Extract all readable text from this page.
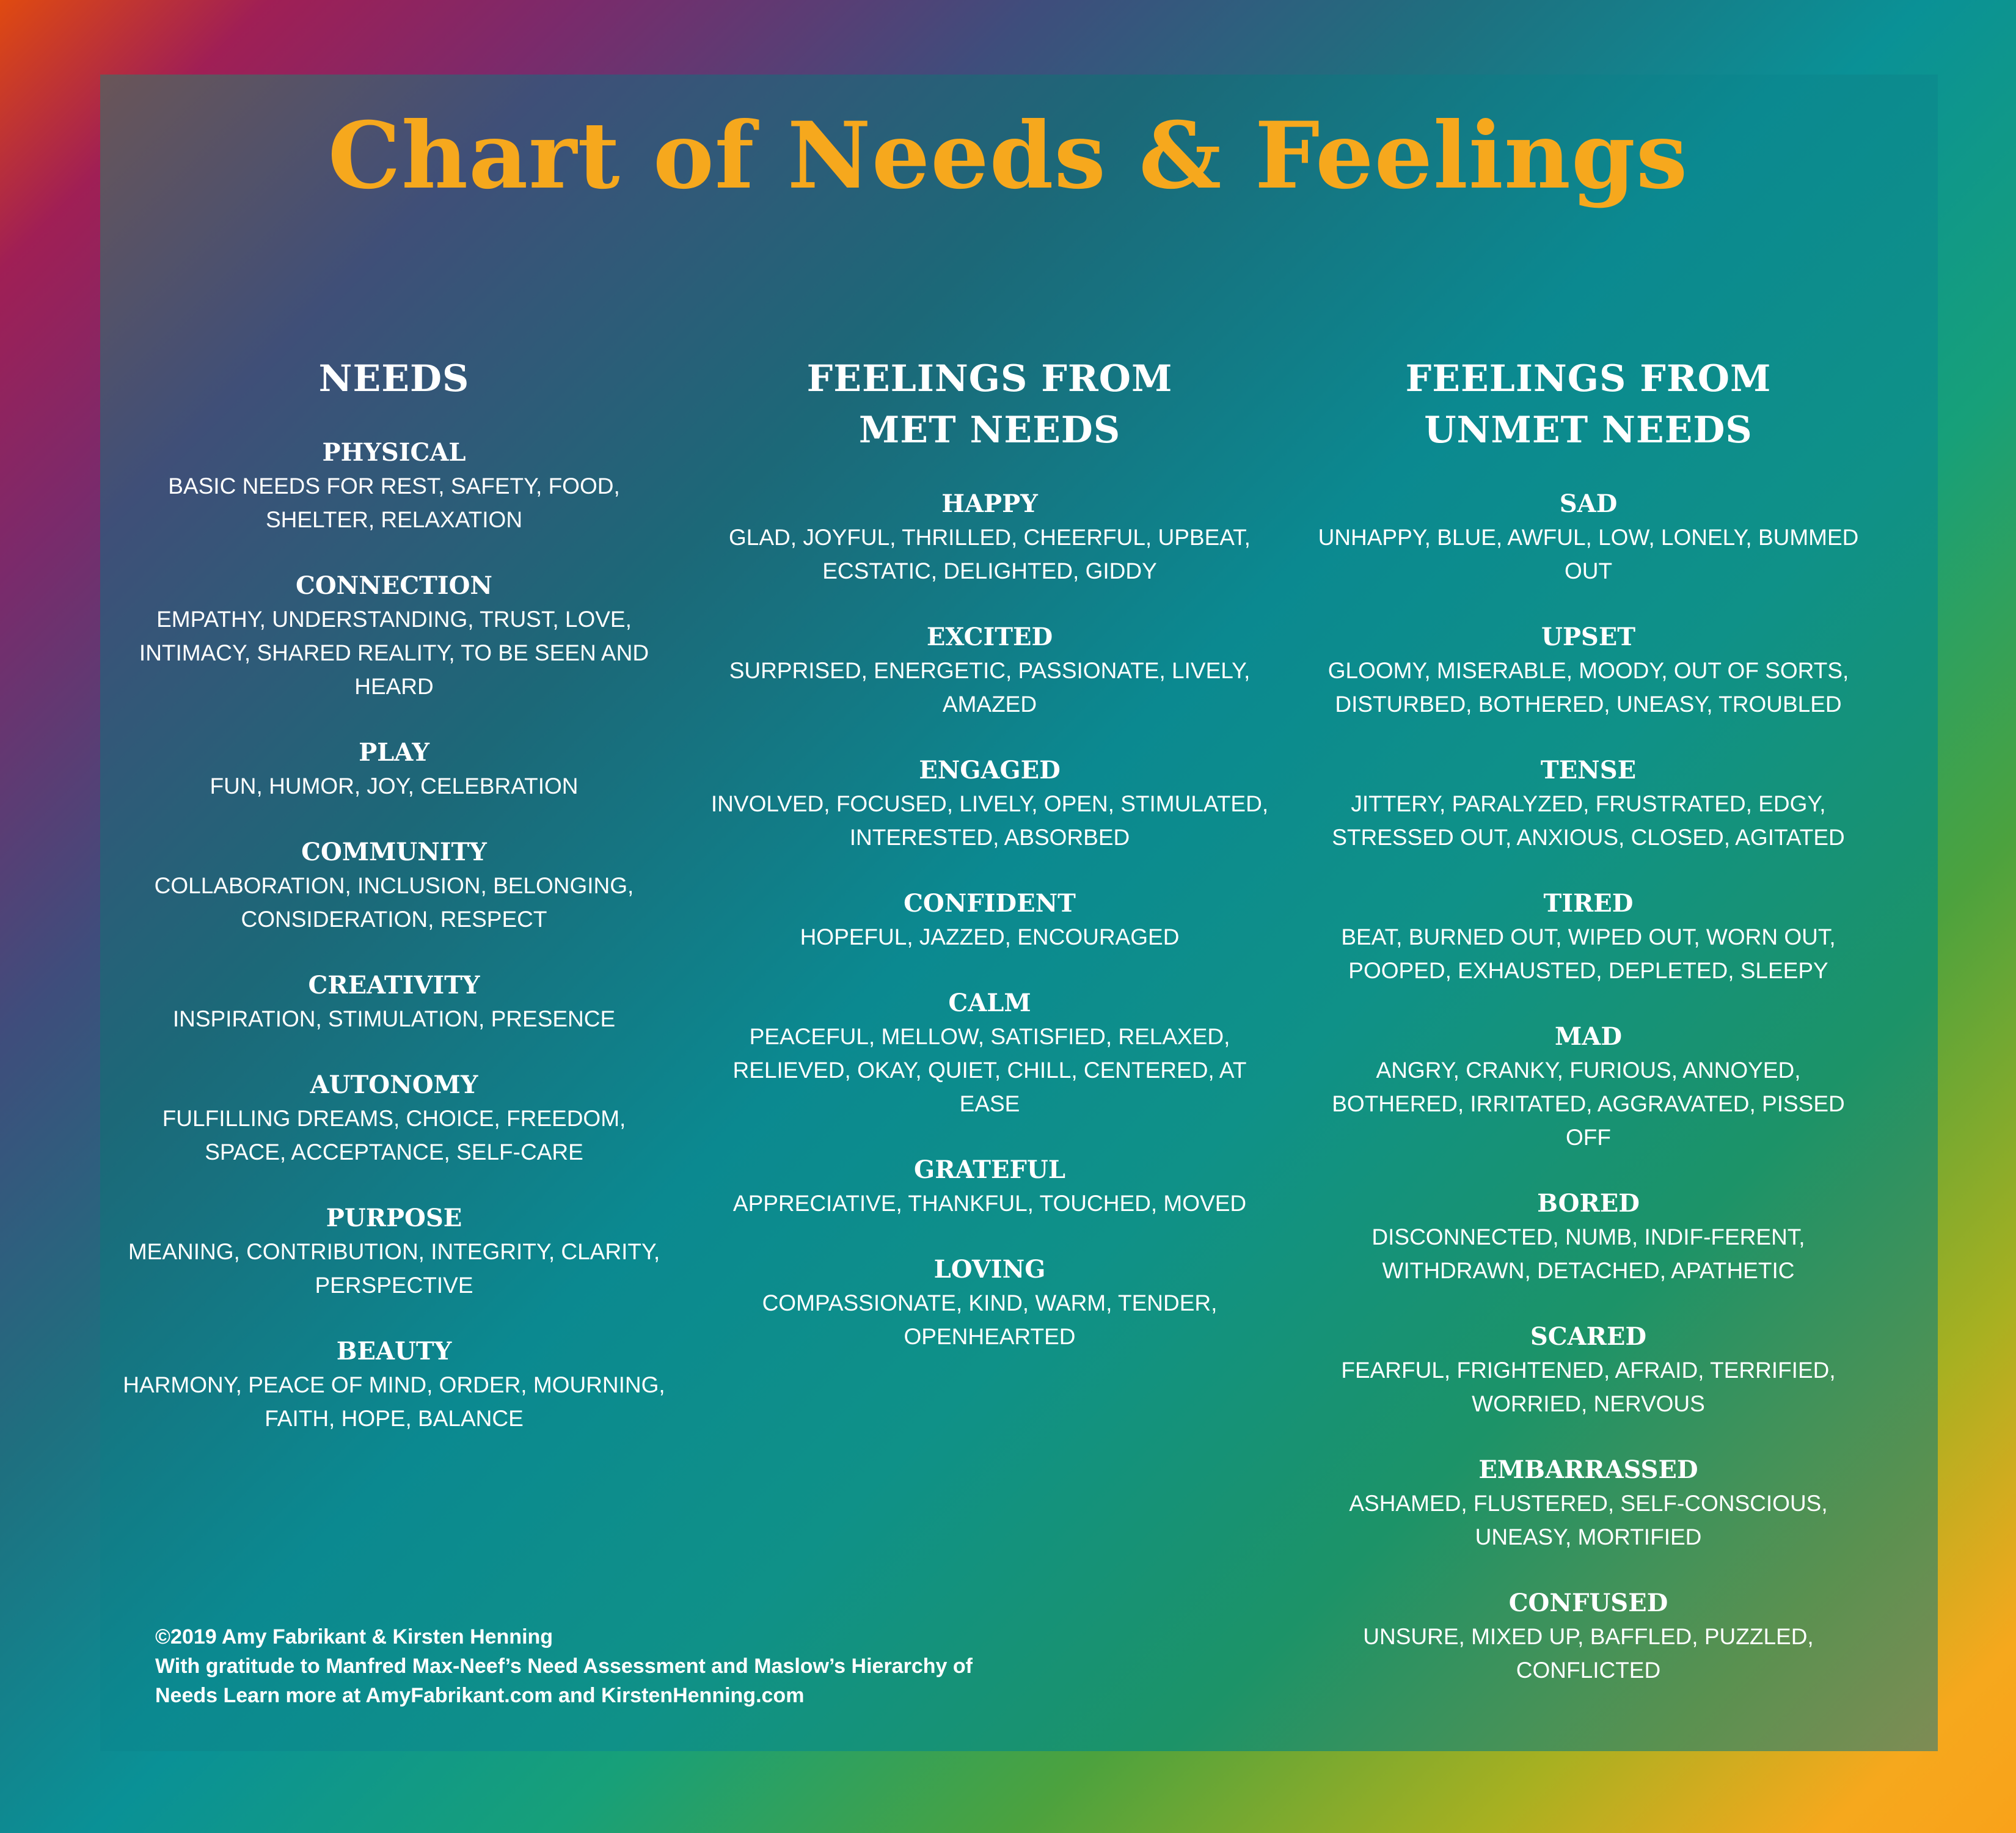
Chart of Needs & Feelings
NEEDS

PHYSICAL

BASIC NEEDS FOR REST, SAFETY, FOOD, SHELTER, RELAXATION

CONNECTION

EMPATHY, UNDERSTANDING, TRUST, LOVE, INTIMACY, SHARED REALITY, TO BE SEEN AND HEARD

PLAY

FUN, HUMOR, JOY, CELEBRATION

COMMUNITY

COLLABORATION, INCLUSION, BELONGING, CONSIDERATION, RESPECT

CREATIVITY

INSPIRATION, STIMULATION, PRESENCE

AUTONOMY

FULFILLING DREAMS, CHOICE, FREEDOM, SPACE, ACCEPTANCE, SELF-CARE

PURPOSE

MEANING, CONTRIBUTION, INTEGRITY, CLARITY, PERSPECTIVE

BEAUTY

HARMONY, PEACE OF MIND, ORDER, MOURNING, FAITH, HOPE, BALANCE

FEELINGS FROM
MET NEEDS

HAPPY

GLAD, JOYFUL, THRILLED, CHEERFUL, UPBEAT, ECSTATIC, DELIGHTED, GIDDY

EXCITED

SURPRISED, ENERGETIC, PASSIONATE, LIVELY, AMAZED

ENGAGED

INVOLVED, FOCUSED, LIVELY, OPEN, STIMULATED, INTERESTED, ABSORBED

CONFIDENT

HOPEFUL, JAZZED, ENCOURAGED

CALM

PEACEFUL, MELLOW, SATISFIED, RELAXED, RELIEVED, OKAY, QUIET, CHILL, CENTERED, AT EASE

GRATEFUL

APPRECIATIVE, THANKFUL, TOUCHED, MOVED

LOVING

COMPASSIONATE, KIND, WARM, TENDER, OPENHEARTED

FEELINGS FROM
UNMET NEEDS

SAD

UNHAPPY, BLUE, AWFUL, LOW, LONELY, BUMMED OUT

UPSET

GLOOMY, MISERABLE, MOODY, OUT OF SORTS, DISTURBED, BOTHERED, UNEASY, TROUBLED

TENSE

JITTERY, PARALYZED, FRUSTRATED, EDGY, STRESSED OUT, ANXIOUS, CLOSED, AGITATED

TIRED

BEAT, BURNED OUT, WIPED OUT, WORN OUT, POOPED, EXHAUSTED, DEPLETED, SLEEPY

MAD

ANGRY, CRANKY, FURIOUS, ANNOYED, BOTHERED, IRRITATED, AGGRAVATED, PISSED OFF

BORED

DISCONNECTED, NUMB, INDIF-FERENT, WITHDRAWN, DETACHED, APATHETIC

SCARED

FEARFUL, FRIGHTENED, AFRAID, TERRIFIED, WORRIED, NERVOUS

EMBARRASSED

ASHAMED, FLUSTERED, SELF-CONSCIOUS, UNEASY, MORTIFIED

CONFUSED

UNSURE, MIXED UP, BAFFLED, PUZZLED, CONFLICTED

©2019 Amy Fabrikant & Kirsten Henning

With gratitude to Manfred Max-Neef’s Need Assessment and Maslow’s Hierarchy of Needs Learn more at AmyFabrikant.com and KirstenHenning.com
